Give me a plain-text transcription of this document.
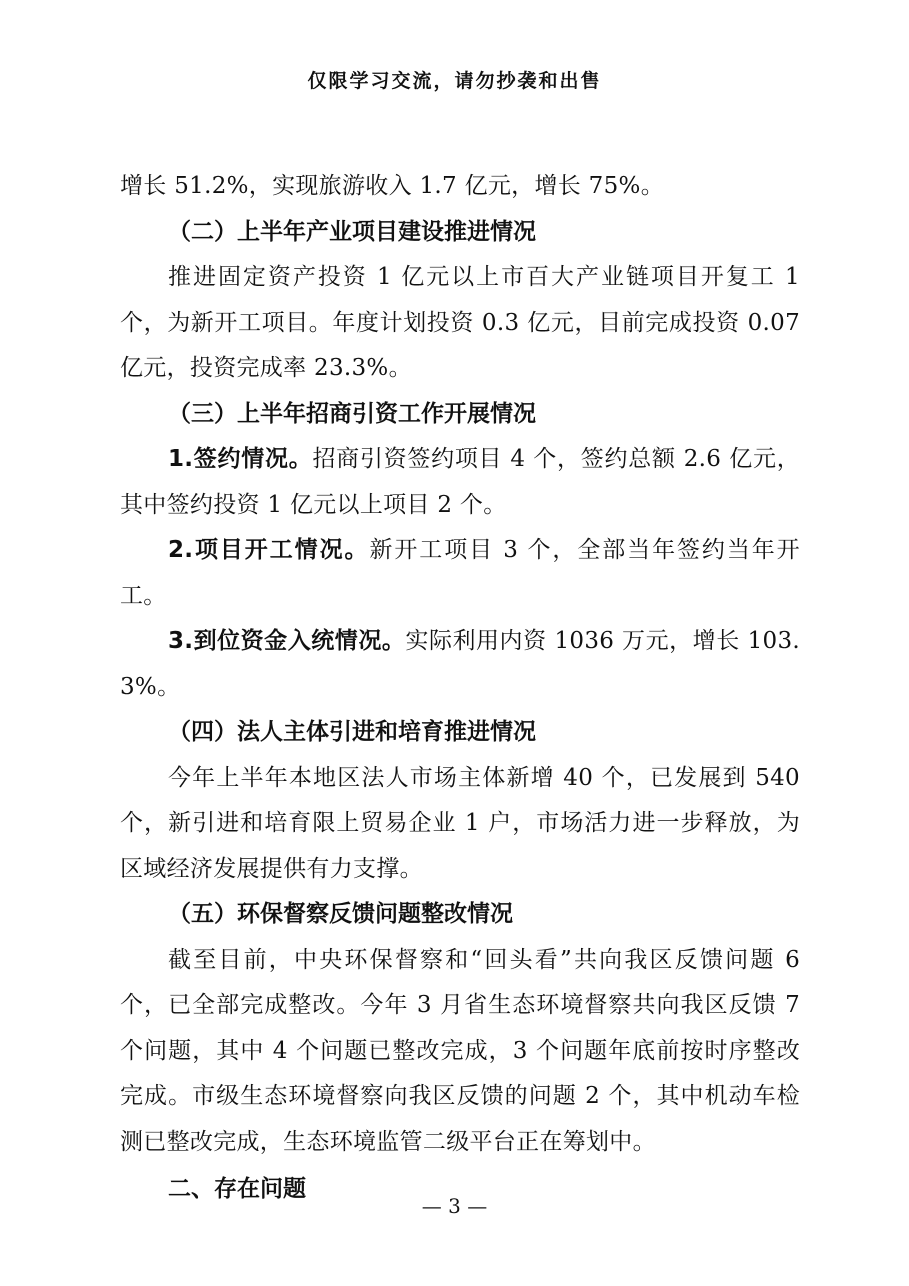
仅限学习交流，请勿抄袭和出售

增长 51.2%，实现旅游收入 1.7 亿元，增长 75%。

（二）上半年产业项目建设推进情况

推进固定资产投资 1 亿元以上市百大产业链项目开复工 1 个，为新开工项目。年度计划投资 0.3 亿元，目前完成投资 0.07 亿元，投资完成率 23.3%。

（三）上半年招商引资工作开展情况

1.签约情况。招商引资签约项目 4 个，签约总额 2.6 亿元，其中签约投资 1 亿元以上项目 2 个。

2.项目开工情况。新开工项目 3 个，全部当年签约当年开工。

3.到位资金入统情况。实际利用内资 1036 万元，增长 103.3%。

（四）法人主体引进和培育推进情况

今年上半年本地区法人市场主体新增 40 个，已发展到 540 个，新引进和培育限上贸易企业 1 户，市场活力进一步释放，为区域经济发展提供有力支撑。

（五）环保督察反馈问题整改情况

截至目前，中央环保督察和“回头看”共向我区反馈问题 6 个，已全部完成整改。今年 3 月省生态环境督察共向我区反馈 7 个问题，其中 4 个问题已整改完成，3 个问题年底前按时序整改完成。市级生态环境督察向我区反馈的问题 2 个，其中机动车检测已整改完成，生态环境监管二级平台正在筹划中。

二、存在问题

— 3 —
